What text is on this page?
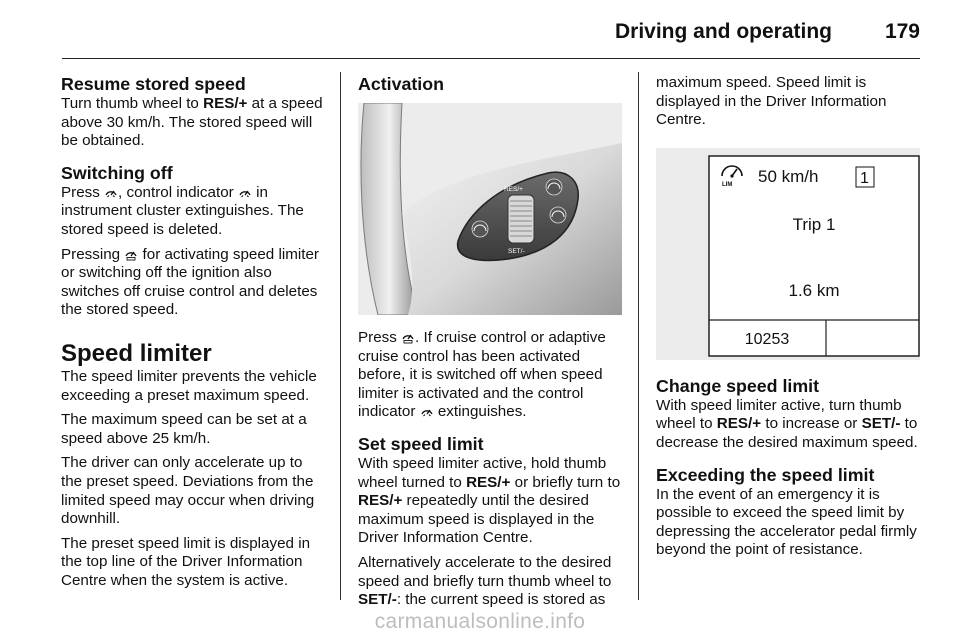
Driving and operating	179
Resume stored speed

Turn thumb wheel to RES/+ at a speed above 30 km/h. The stored speed will be obtained.

Switching off

Press , control indicator  in instrument cluster extinguishes. The stored speed is deleted.

Pressing  for activating speed limiter or switching off the ignition also switches off cruise control and deletes the stored speed.

Speed limiter

The speed limiter prevents the vehicle exceeding a preset maximum speed.

The maximum speed can be set at a speed above 25 km/h.

The driver can only accelerate up to the preset speed. Deviations from the limited speed may occur when driving downhill.

The preset speed limit is displayed in the top line of the Driver Information Centre when the system is active.

Activation
RES/+
SET/-

Press . If cruise control or adaptive cruise control has been activated before, it is switched off when speed limiter is activated and the control indicator  extinguishes.

Set speed limit

With speed limiter active, hold thumb wheel turned to RES/+ or briefly turn to RES/+ repeatedly until the desired maximum speed is displayed in the Driver Information Centre.

Alternatively accelerate to the desired speed and briefly turn thumb wheel to SET/-: the current speed is stored as

maximum speed. Speed limit is displayed in the Driver Information Centre.

LIM 50 km/h	1
Trip 1
1.6 km
10253
Change speed limit

With speed limiter active, turn thumb wheel to RES/+ to increase or SET/- to decrease the desired maximum speed.

Exceeding the speed limit

In the event of an emergency it is possible to exceed the speed limit by depressing the accelerator pedal firmly beyond the point of resistance.

carmanualsonline.info
